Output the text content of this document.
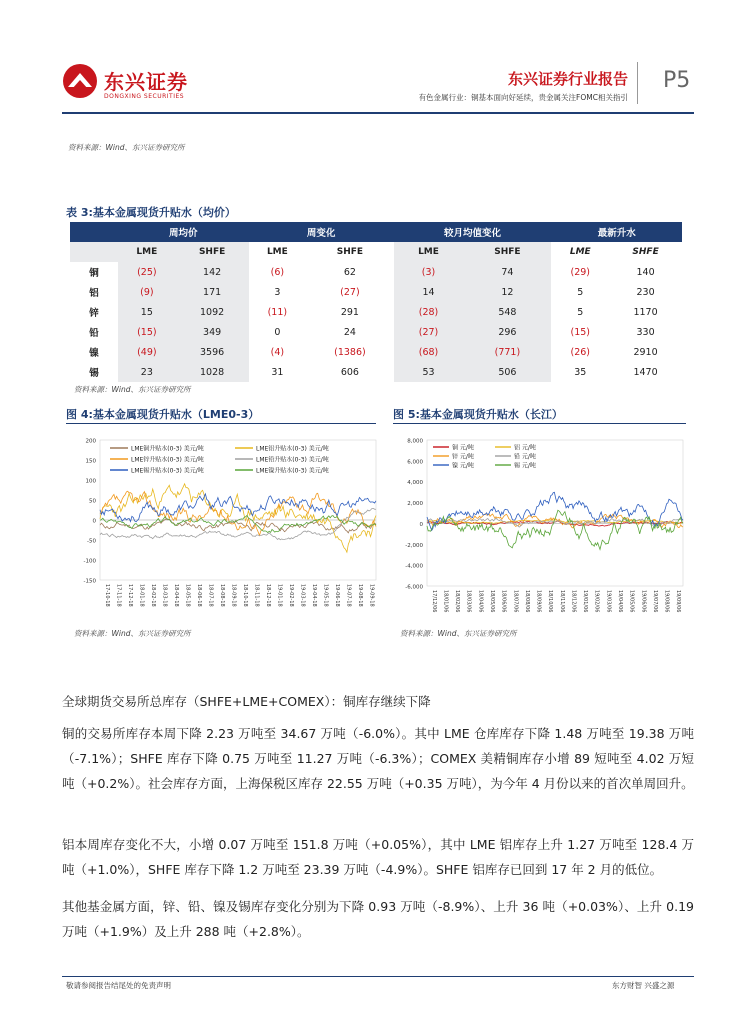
东兴证券
DONGXING SECURITIES
东兴证券行业报告
有色金属行业：铜基本面向好延续，贵金属关注FOMC相关指引
P5
资料来源：Wind、东兴证券研究所
表 3:基本金属现货升贴水（均价）
	周均价		周变化		较月均值变化		最新升水	
	LME	SHFE	LME	SHFE	LME	SHFE	LME	SHFE
铜	(25)	142	(6)	62	(3)	74	(29)	140
铝	(9)	171	3	(27)	14	12	5	230
锌	15	1092	(11)	291	(28)	548	5	1170
铅	(15)	349	0	24	(27)	296	(15)	330
镍	(49)	3596	(4)	(1386)	(68)	(771)	(26)	2910
锡	23	1028	31	606	53	506	35	1470
资料来源：Wind、东兴证券研究所
图 4:基本金属现货升贴水（LME0-3）
200
150
100
50
0
-50
-100
-150
17-10-18 17-11-18 17-12-18 18-01-18 18-02-18 18-03-18 18-04-18 18-05-18 18-06-18 18-07-18 18-08-18 18-09-18 18-10-18 18-11-18 18-12-18 19-01-18 19-02-18 19-03-18 19-04-18 19-05-18 19-06-18 19-07-18 19-08-18 19-09-18
LME铜升贴水(0-3) 美元/吨	LME铝升贴水(0-3) 美元/吨
LME锌升贴水(0-3) 美元/吨	LME铅升贴水(0-3) 美元/吨
LME锡升贴水(0-3) 美元/吨	LME镍升贴水(0-3) 美元/吨
资料来源：Wind、东兴证券研究所
图 5:基本金属现货升贴水（长江）
8,000
6,000
4,000
2,000
0
-2,000
-4,000
-6,000
17/12/06 18/01/06 18/02/06 18/03/06 18/04/06 18/05/06 18/06/06 18/07/06 18/08/06 18/09/06 18/10/06 18/11/06 18/12/06 19/01/06 19/02/06 19/03/06 19/04/06 19/05/06 19/06/06 19/07/06 19/08/06 19/09/06
铜 元/吨	铝 元/吨
锌 元/吨	铅 元/吨
镍 元/吨	锡 元/吨
资料来源：Wind、东兴证券研究所
全球期货交易所总库存（SHFE+LME+COMEX）：铜库存继续下降
铜的交易所库存本周下降 2.23 万吨至 34.67 万吨（-6.0%）。其中 LME 仓库库存下降 1.48 万吨至 19.38 万吨（-7.1%）；SHFE 库存下降 0.75 万吨至 11.27 万吨（-6.3%）；COMEX 美精铜库存小增 89 短吨至 4.02 万短吨（+0.2%）。社会库存方面，上海保税区库存 22.55 万吨（+0.35 万吨），为今年 4 月份以来的首次单周回升。
铝本周库存变化不大，小增 0.07 万吨至 151.8 万吨（+0.05%），其中 LME 铝库存上升 1.27 万吨至 128.4 万吨（+1.0%），SHFE 库存下降 1.2 万吨至 23.39 万吨（-4.9%）。SHFE 铝库存已回到 17 年 2 月的低位。
其他基金属方面，锌、铅、镍及锡库存变化分别为下降 0.93 万吨（-8.9%）、上升 36 吨（+0.03%）、上升 0.19 万吨（+1.9%）及上升 288 吨（+2.8%）。
敬请参阅报告结尾处的免责声明	东方财智 兴盛之源
